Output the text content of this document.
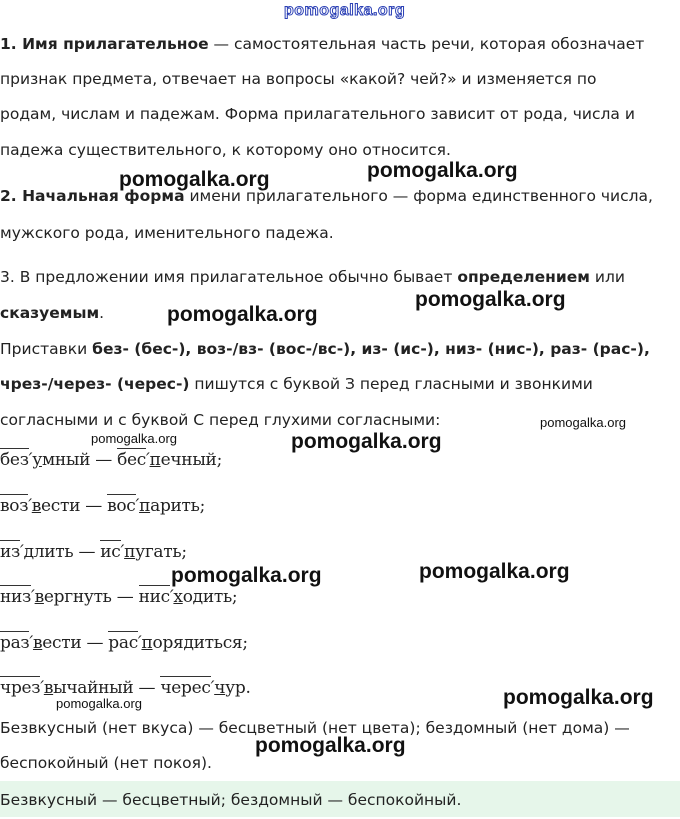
pomogalka.org
1. Имя прилагательное — самостоятельная часть речи, которая обозначает
признак предмета, отвечает на вопросы «какой? чей?» и изменяется по
родам, числам и падежам. Форма прилагательного зависит от рода, числа и
падежа существительного, к которому оно относится.
2. Начальная форма имени прилагательного — форма единственного числа,
мужского рода, именительного падежа.
3. В предложении имя прилагательное обычно бывает определением или
сказуемым.
Приставки без- (бес-), воз-/вз- (вос-/вс-), из- (ис-), низ- (нис-), раз- (рас-),
чрез-/через- (черес-) пишутся с буквой З перед гласными и звонкими
согласными и с буквой С перед глухими согласными:
без′умный — бес′печный;
воз′вести — вос′парить;
из′длить — ис′пугать;
низ′вергнуть — нис′ходить;
раз′вести — рас′порядиться;
чрез′вычайный — черес′чур.
Безвкусный (нет вкуса) — бесцветный (нет цвета); бездомный (нет дома) —
беспокойный (нет покоя).
Безвкусный — бесцветный; бездомный — беспокойный.
pomogalka.org	pomogalka.org
pomogalka.org
pomogalka.org
pomogalka.org
pomogalka.org	pomogalka.org
pomogalka.org	pomogalka.org
pomogalka.org	pomogalka.org
pomogalka.org
